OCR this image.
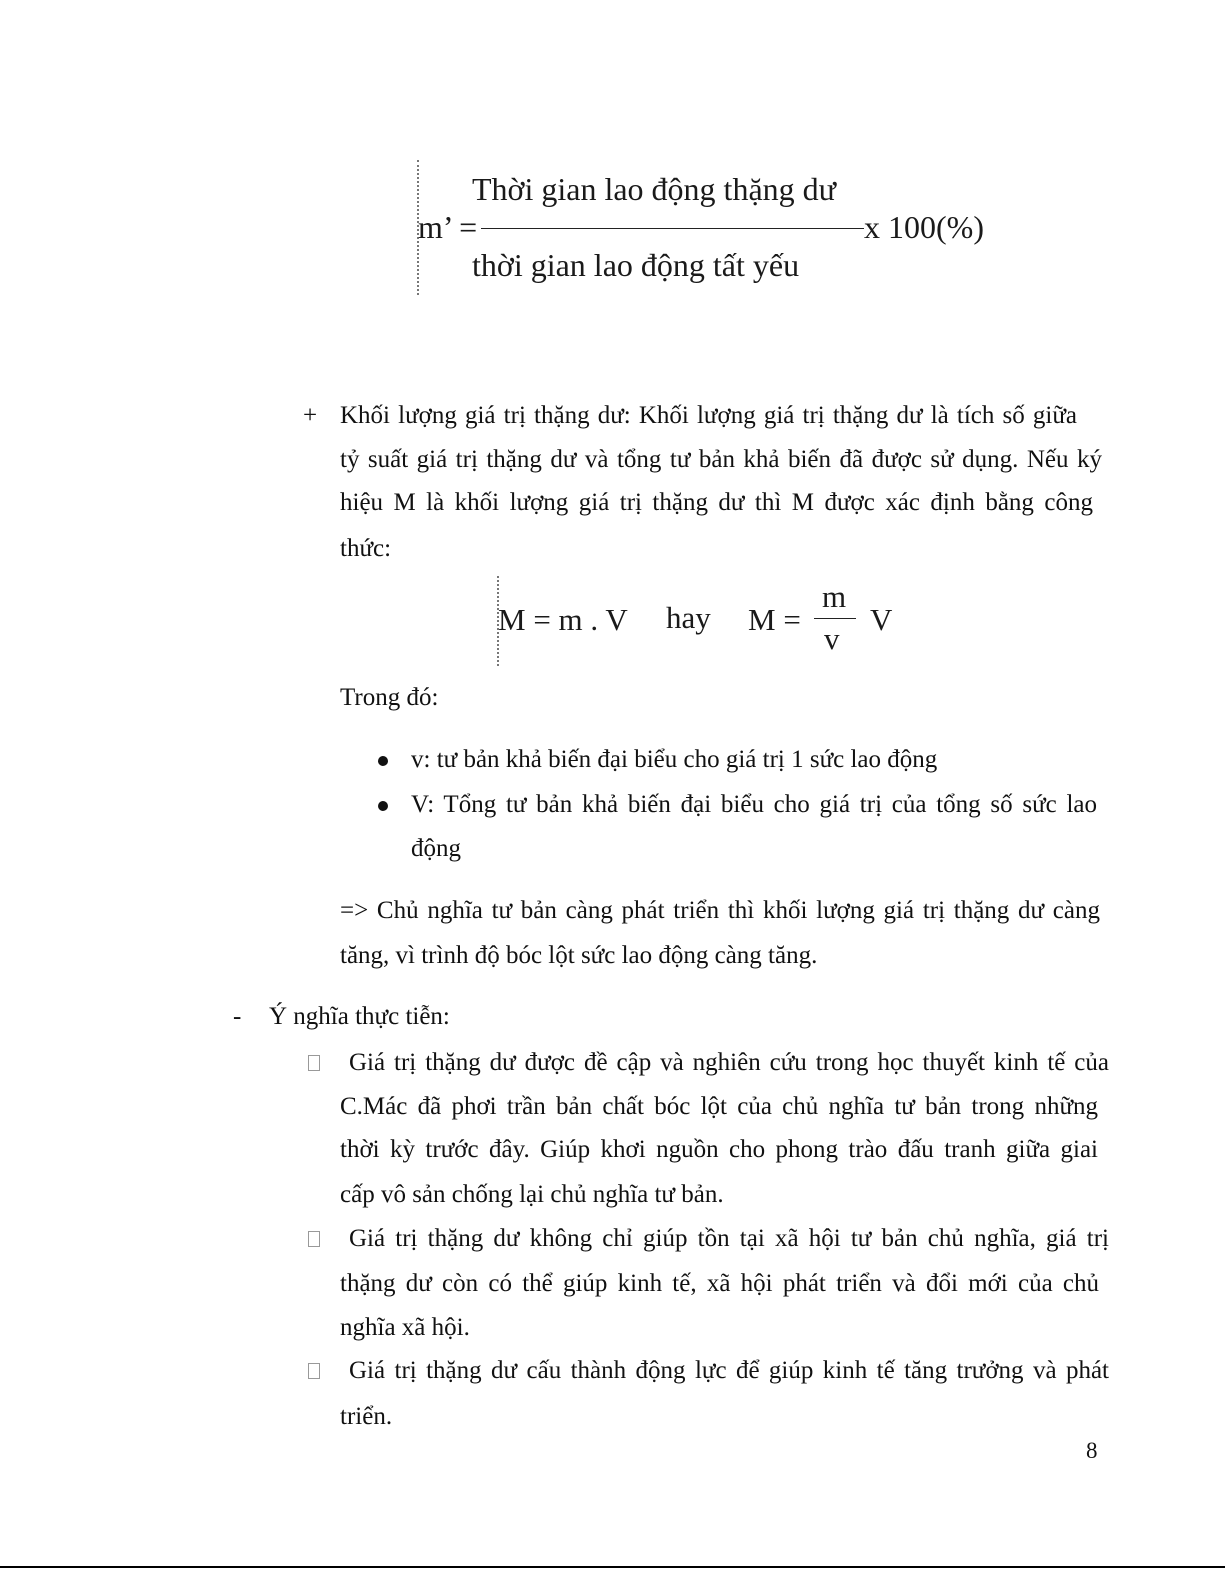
m’ =
Thời gian lao động thặng dư
thời gian lao động tất yếu
x 100(%)
+ Khối lượng giá trị thặng dư: Khối lượng giá trị thặng dư là tích số giữa
tỷ suất giá trị thặng dư và tổng tư bản khả biến đã được sử dụng. Nếu ký
hiệu M là khối lượng giá trị thặng dư thì M được xác định bằng công
thức:
M = m . V hay M =
m
v
V
Trong đó:
v: tư bản khả biến đại biểu cho giá trị 1 sức lao động
V: Tổng tư bản khả biến đại biểu cho giá trị của tổng số sức lao
động
=> Chủ nghĩa tư bản càng phát triển thì khối lượng giá trị thặng dư càng
tăng, vì trình độ bóc lột sức lao động càng tăng.
- Ý nghĩa thực tiễn:
Giá trị thặng dư được đề cập và nghiên cứu trong học thuyết kinh tế của
C.Mác đã phơi trần bản chất bóc lột của chủ nghĩa tư bản trong những
thời kỳ trước đây. Giúp khơi nguồn cho phong trào đấu tranh giữa giai
cấp vô sản chống lại chủ nghĩa tư bản.
Giá trị thặng dư không chỉ giúp tồn tại xã hội tư bản chủ nghĩa, giá trị
thặng dư còn có thể giúp kinh tế, xã hội phát triển và đổi mới của chủ
nghĩa xã hội.
Giá trị thặng dư cấu thành động lực để giúp kinh tế tăng trưởng và phát
triển.
8
